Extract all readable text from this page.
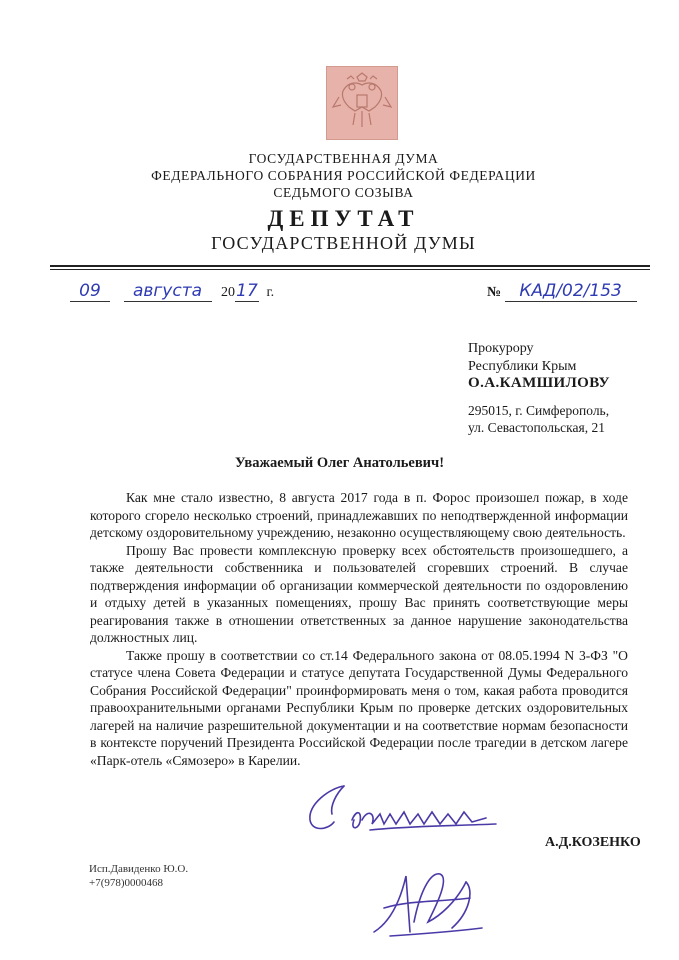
ГОСУДАРСТВЕННАЯ ДУМА
ФЕДЕРАЛЬНОГО СОБРАНИЯ РОССИЙСКОЙ ФЕДЕРАЦИИ
СЕДЬМОГО СОЗЫВА
ДЕПУТАТ
ГОСУДАРСТВЕННОЙ ДУМЫ
09 августа 2017 г.	№ КАД/02/153
Прокурору
Республики Крым
О.А.КАМШИЛОВУ
295015, г. Симферополь,
ул. Севастопольская, 21
Уважаемый Олег Анатольевич!

Как мне стало известно, 8 августа 2017 года в п. Форос произошел пожар, в ходе которого сгорело несколько строений, принадлежавших по неподтвержденной информации детскому оздоровительному учреждению, незаконно осуществляющему свою деятельность.

Прошу Вас провести комплексную проверку всех обстоятельств произошедшего, а также деятельности собственника и пользователей сгоревших строений. В случае подтверждения информации об организации коммерческой деятельности по оздоровлению и отдыху детей в указанных помещениях, прошу Вас принять соответствующие меры реагирования также в отношении ответственных за данное нарушение законодательства должностных лиц.

Также прошу в соответствии со ст.14 Федерального закона от 08.05.1994 N 3-ФЗ "О статусе члена Совета Федерации и статусе депутата Государственной Думы Федерального Собрания Российской Федерации" проинформировать меня о том, какая работа проводится правоохранительными органами Республики Крым по проверке детских оздоровительных лагерей на наличие разрешительной документации и на соответствие нормам безопасности в контексте поручений Президента Российской Федерации после трагедии в детском лагере «Парк-отель «Сямозеро» в Карелии.

А.Д.КОЗЕНКО
Исп.Давиденко Ю.О.
+7(978)0000468
